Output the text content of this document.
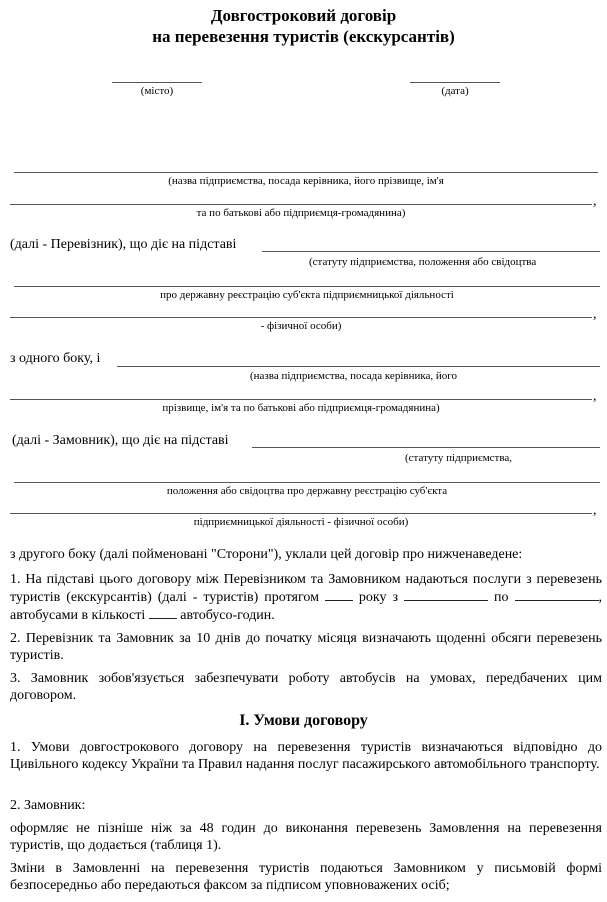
Довгостроковий договір
на перевезення туристів (екскурсантів)
(місто)	(дата)
(назва підприємства, посада керівника, його прізвище, ім'я
,
та по батькові або підприємця-громадянина)
(далі - Перевізник), що діє на підставі
(статуту підприємства, положення або свідоцтва
про державну реєстрацію суб'єкта підприємницької діяльності
,
- фізичної особи)
з одного боку, і
(назва підприємства, посада керівника, його
,
прізвище, ім'я та по батькові або підприємця-громадянина)
(далі - Замовник), що діє на підставі
(статуту підприємства,
положення або свідоцтва про державну реєстрацію суб'єкта
,
підприємницької діяльності - фізичної особи)
з другого боку (далі пойменовані "Сторони"), уклали цей договір про нижченаведене:
1. На підставі цього договору між Перевізником та Замовником надаються послуги з перевезень туристів (екскурсантів) (далі - туристів) протягом	року з	по	, автобусами в кількості	автобусо-годин.
2. Перевізник та Замовник за 10 днів до початку місяця визначають щоденні обсяги перевезень туристів.
3. Замовник зобов'язується забезпечувати роботу автобусів на умовах, передбачених цим договором.
I. Умови договору
1. Умови довгострокового договору на перевезення туристів визначаються відповідно до Цивільного кодексу України та Правил надання послуг пасажирського автомобільного транспорту.
2. Замовник:
оформляє не пізніше ніж за 48 годин до виконання перевезень Замовлення на перевезення туристів, що додається (таблиця 1).
Зміни в Замовленні на перевезення туристів подаються Замовником у письмовій формі безпосередньо або передаються факсом за підписом уповноважених осіб;
